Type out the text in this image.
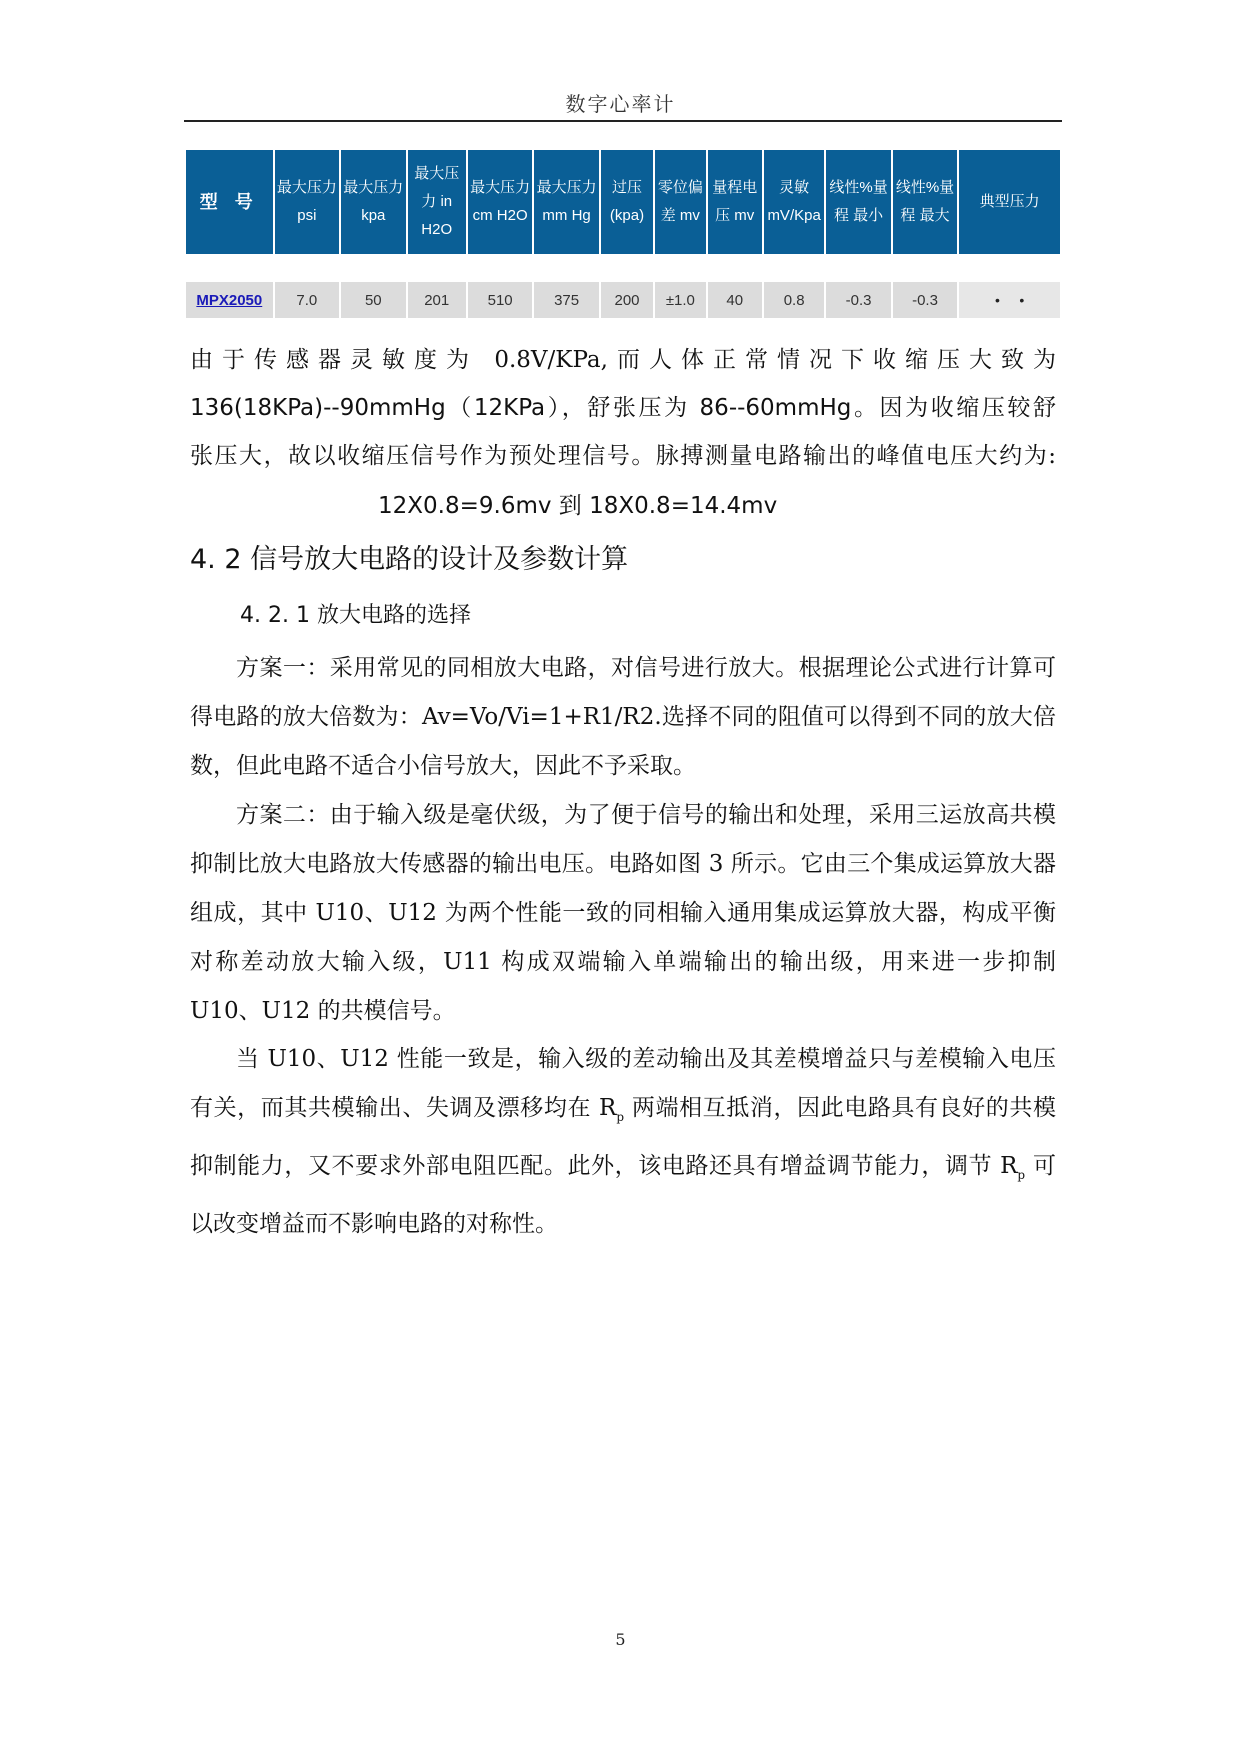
数字心率计
型 号	最大压力 psi	最大压力 kpa	最大压力 in H2O	最大压力 cm H2O	最大压力 mm Hg	过压 (kpa)	零位偏差 mv	量程电压 mv	灵敏 mV/Kpa	线性%量程 最小	线性%量程 最大	典型压力

MPX2050	7.0	50	201	510	375	200	±1.0	40	0.8	-0.3	-0.3	• •
由于传感器灵敏度为 0.8V/KPa,而人体正常情况下收缩压大致为
136(18KPa)--90mmHg（12KPa），舒张压为 86--60mmHg。因为收缩压较舒
张压大，故以收缩压信号作为预处理信号。脉搏测量电路输出的峰值电压大约为:
12X0.8=9.6mv 到 18X0.8=14.4mv
4. 2 信号放大电路的设计及参数计算
4. 2. 1 放大电路的选择
方案一：采用常见的同相放大电路，对信号进行放大。根据理论公式进行计算可得电路的放大倍数为：Av=Vo/Vi=1+R1/R2.选择不同的阻值可以得到不同的放大倍数，但此电路不适合小信号放大，因此不予采取。
方案二：由于输入级是毫伏级，为了便于信号的输出和处理，采用三运放高共模抑制比放大电路放大传感器的输出电压。电路如图 3 所示。它由三个集成运算放大器组成，其中 U10、U12 为两个性能一致的同相输入通用集成运算放大器，构成平衡对称差动放大输入级，U11 构成双端输入单端输出的输出级，用来进一步抑制 U10、U12 的共模信号。
当 U10、U12 性能一致是，输入级的差动输出及其差模增益只与差模输入电压有关，而其共模输出、失调及漂移均在 $R_p$ 两端相互抵消，因此电路具有良好的共模抑制能力，又不要求外部电阻匹配。此外，该电路还具有增益调节能力，调节 $R_p$ 可以改变增益而不影响电路的对称性。
5
